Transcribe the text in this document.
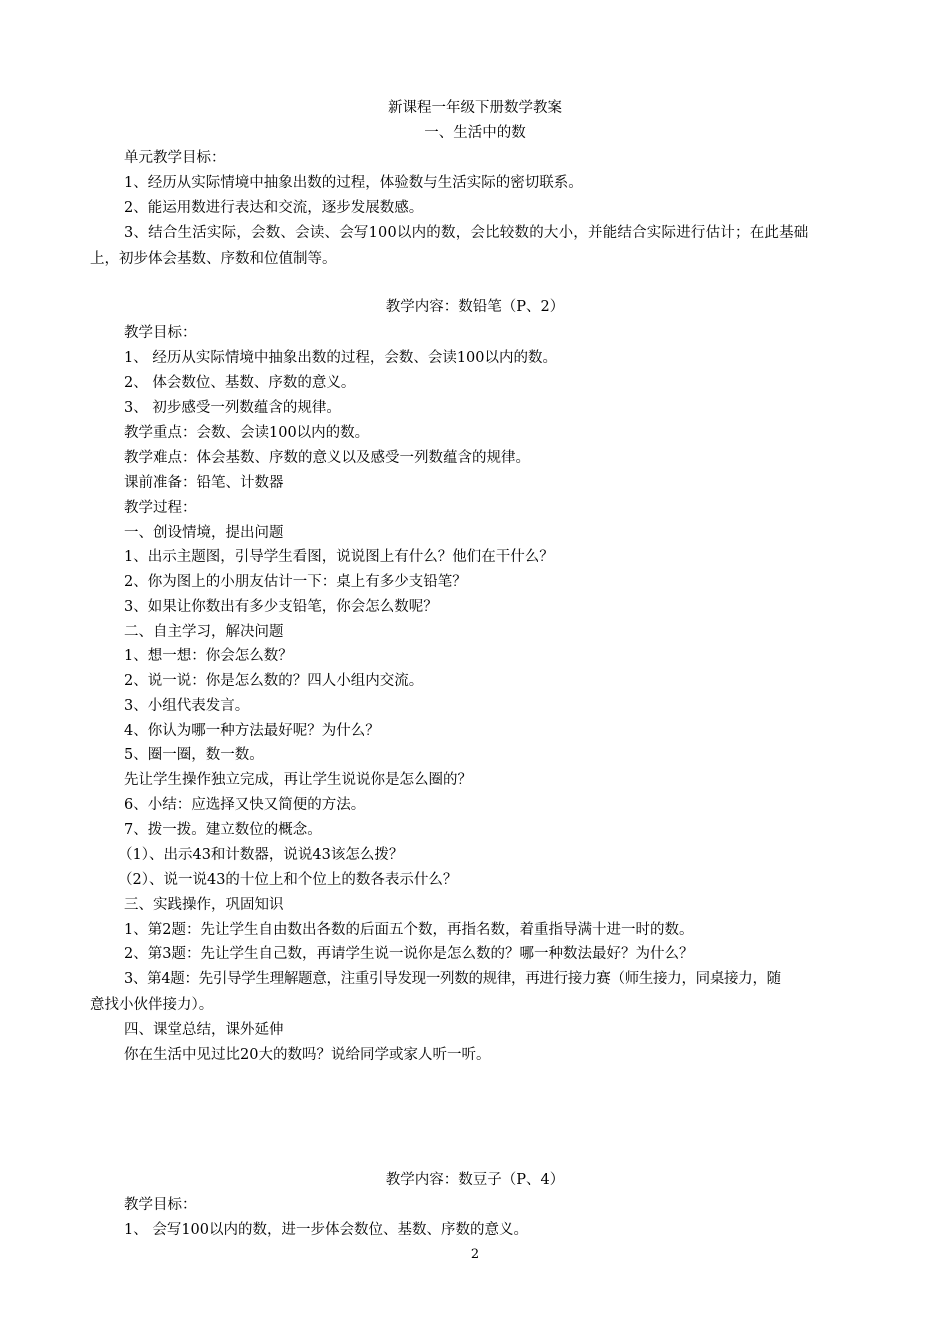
新课程一年级下册数学教案
一、生活中的数
单元教学目标：
1、经历从实际情境中抽象出数的过程，体验数与生活实际的密切联系。
2、能运用数进行表达和交流，逐步发展数感。
3、结合生活实际，会数、会读、会写100以内的数，会比较数的大小，并能结合实际进行估计；在此基础
上，初步体会基数、序数和位值制等。
教学内容：数铅笔（P、2）
教学目标：
1、 经历从实际情境中抽象出数的过程，会数、会读100以内的数。
2、 体会数位、基数、序数的意义。
3、 初步感受一列数蕴含的规律。
教学重点：会数、会读100以内的数。
教学难点：体会基数、序数的意义以及感受一列数蕴含的规律。
课前准备：铅笔、计数器
教学过程：
一、创设情境，提出问题
1、出示主题图，引导学生看图，说说图上有什么？他们在干什么？
2、你为图上的小朋友估计一下：桌上有多少支铅笔？
3、如果让你数出有多少支铅笔，你会怎么数呢？
二、自主学习，解决问题
1、想一想：你会怎么数？
2、说一说：你是怎么数的？四人小组内交流。
3、小组代表发言。
4、你认为哪一种方法最好呢？为什么？
5、圈一圈，数一数。
先让学生操作独立完成，再让学生说说你是怎么圈的？
6、小结：应选择又快又简便的方法。
7、拨一拨。建立数位的概念。
（1）、出示43和计数器，说说43该怎么拨？
（2）、说一说43的十位上和个位上的数各表示什么？
三、实践操作，巩固知识
1、第2题：先让学生自由数出各数的后面五个数，再指名数，着重指导满十进一时的数。
2、第3题：先让学生自己数，再请学生说一说你是怎么数的？哪一种数法最好？为什么？
3、第4题：先引导学生理解题意，注重引导发现一列数的规律，再进行接力赛（师生接力，同桌接力，随
意找小伙伴接力）。
四、课堂总结，课外延伸
你在生活中见过比20大的数吗？说给同学或家人听一听。
教学内容：数豆子（P、4）
教学目标：
1、 会写100以内的数，进一步体会数位、基数、序数的意义。
2
